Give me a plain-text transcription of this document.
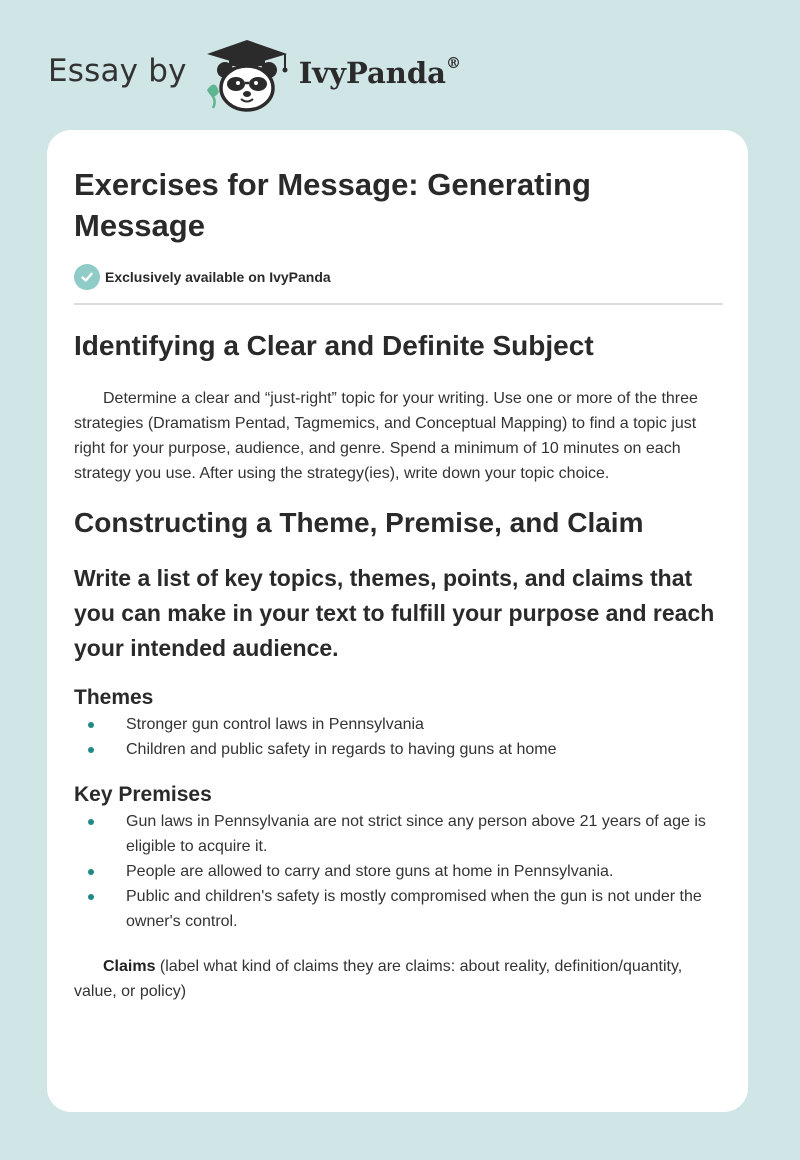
Essay by	IvyPanda®
Exercises for Message: Generating Message
Exclusively available on IvyPanda
Identifying a Clear and Definite Subject

Determine a clear and “just-right” topic for your writing. Use one or more of the three strategies (Dramatism Pentad, Tagmemics, and Conceptual Mapping) to find a topic just right for your purpose, audience, and genre. Spend a minimum of 10 minutes on each strategy you use. After using the strategy(ies), write down your topic choice.

Constructing a Theme, Premise, and Claim
Write a list of key topics, themes, points, and claims that you can make in your text to fulfill your purpose and reach your intended audience.
Themes
Stronger gun control laws in Pennsylvania
Children and public safety in regards to having guns at home
Key Premises
Gun laws in Pennsylvania are not strict since any person above 21 years of age is eligible to acquire it.
People are allowed to carry and store guns at home in Pennsylvania.
Public and children's safety is mostly compromised when the gun is not under the owner's control.

Claims (label what kind of claims they are claims: about reality, definition/quantity, value, or policy)
